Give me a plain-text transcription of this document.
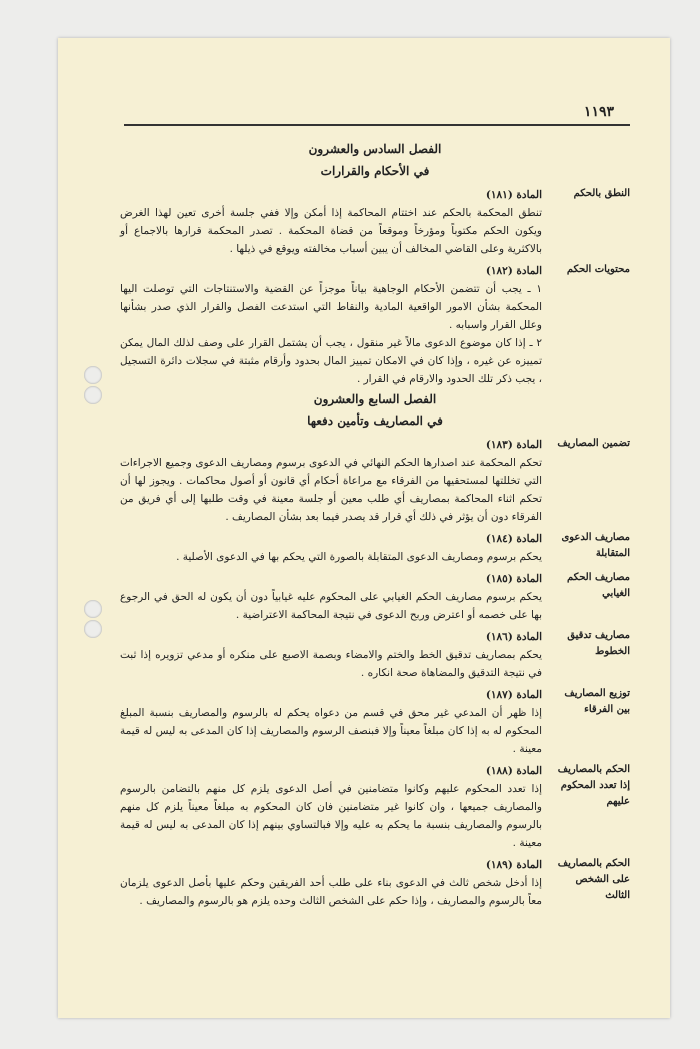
١١٩٣
الفصل السادس والعشرون
في الأحكام والقرارات
النطق بالحكم
المادة (١٨١)

تنطق المحكمة بالحكم عند اختتام المحاكمة إذا أمكن وإلا ففي جلسة أخرى تعين لهذا الغرض ويكون الحكم مكتوباً ومؤرخاً وموقعاً من قضاة المحكمة . تصدر المحكمة قرارها بالاجماع أو بالاكثرية وعلى القاضي المخالف أن يبين أسباب مخالفته ويوقع في ذيلها .

محتويات الحكم
المادة (١٨٢)

١ ـ يجب أن تتضمن الأحكام الوجاهية بياناً موجزاً عن القضية والاستنتاجات التي توصلت اليها المحكمة بشأن الامور الواقعية المادية والنقاط التي استدعت الفصل والقرار الذي صدر بشأنها وعلل القرار واسبابه .

٢ ـ إذا كان موضوع الدعوى مالاً غير منقول ، يجب أن يشتمل القرار على وصف لذلك المال يمكن تمييزه عن غيره ، وإذا كان في الامكان تمييز المال بحدود وأرقام مثبتة في سجلات دائرة التسجيل ، يجب ذكر تلك الحدود والارقام في القرار .

الفصل السابع والعشرون
في المصاريف وتأمين دفعها
تضمين المصاريف
المادة (١٨٣)

تحكم المحكمة عند اصدارها الحكم النهائي في الدعوى برسوم ومصاريف الدعوى وجميع الاجراءات التي تخللتها لمستحقيها من الفرقاء مع مراعاة أحكام أي قانون أو أصول محاكمات . ويجوز لها أن تحكم اثناء المحاكمة بمصاريف أي طلب معين أو جلسة معينة في وقت طلبها إلى أي فريق من الفرقاء دون أن يؤثر في ذلك أي قرار قد يصدر فيما بعد بشأن المصاريف .

مصاريف الدعوى المتقابلة
المادة (١٨٤)

يحكم برسوم ومصاريف الدعوى المتقابلة بالصورة التي يحكم بها في الدعوى الأصلية .

مصاريف الحكم الغيابي
المادة (١٨٥)

يحكم برسوم مصاريف الحكم الغيابي على المحكوم عليه غيابياً دون أن يكون له الحق في الرجوع بها على خصمه أو اعترض وربح الدعوى في نتيجة المحاكمة الاعتراضية .

مصاريف تدقيق الخطوط
المادة (١٨٦)

يحكم بمصاريف تدقيق الخط والختم والامضاء وبصمة الاصبع على منكره أو مدعي تزويره إذا ثبت في نتيجة التدقيق والمضاهاة صحة انكاره .

توزيع المصاريف بين الفرقاء
المادة (١٨٧)

إذا ظهر أن المدعي غير محق في قسم من دعواه يحكم له بالرسوم والمصاريف بنسبة المبلغ المحكوم له به إذا كان مبلغاً معيناً وإلا فبنصف الرسوم والمصاريف إذا كان المدعى به ليس له قيمة معينة .

الحكم بالمصاريف إذا تعدد المحكوم عليهم
المادة (١٨٨)

إذا تعدد المحكوم عليهم وكانوا متضامنين في أصل الدعوى يلزم كل منهم بالتضامن بالرسوم والمصاريف جميعها ، وان كانوا غير متضامنين فان كان المحكوم به مبلغاً معيناً يلزم كل منهم بالرسوم والمصاريف بنسبة ما يحكم به عليه وإلا فبالتساوي بينهم إذا كان المدعى به ليس له قيمة معينة .

الحكم بالمصاريف على الشخص الثالث
المادة (١٨٩)

إذا أدخل شخص ثالث في الدعوى بناء على طلب أحد الفريقين وحكم عليها بأصل الدعوى يلزمان معاً بالرسوم والمصاريف ، وإذا حكم على الشخص الثالث وحده يلزم هو بالرسوم والمصاريف .
